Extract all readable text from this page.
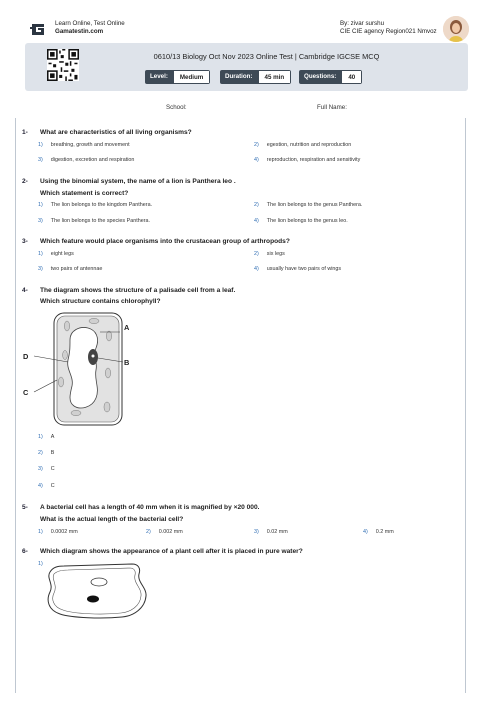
Learn Online, Test Online
Gamatestin.com
By: zivar surshu
CIE CIE agency Region021 Nmvoz
0610/13 Biology Oct Nov 2023 Online Test | Cambridge IGCSE MCQ
Level:	Medium	Duration:	45 min	Questions:	40
School:	Full Name:
1- What are characteristics of all living organisms?
1) breathing, growth and movement	2) egestion, nutrition and reproduction
3) digestion, excretion and respiration	4) reproduction, respiration and sensitivity
2- Using the binomial system, the name of a lion is Panthera leo .
Which statement is correct?
1) The lion belongs to the kingdom Panthera.	2) The lion belongs to the genus Panthera.
3) The lion belongs to the species Panthera.	4) The lion belongs to the genus leo.
3- Which feature would place organisms into the crustacean group of arthropods?
1) eight legs	2) six legs
3) two pairs of antennae	4) usually have two pairs of wings
4- The diagram shows the structure of a palisade cell from a leaf.
Which structure contains chlorophyll?
A
B
C
D
1) A
2) B
3) C
4) C
5- A bacterial cell has a length of 40 mm when it is magnified by ×20 000.
What is the actual length of the bacterial cell?
1) 0.0002 mm	2) 0.002 mm	3) 0.02 mm	4) 0.2 mm
6- Which diagram shows the appearance of a plant cell after it is placed in pure water?
1)
